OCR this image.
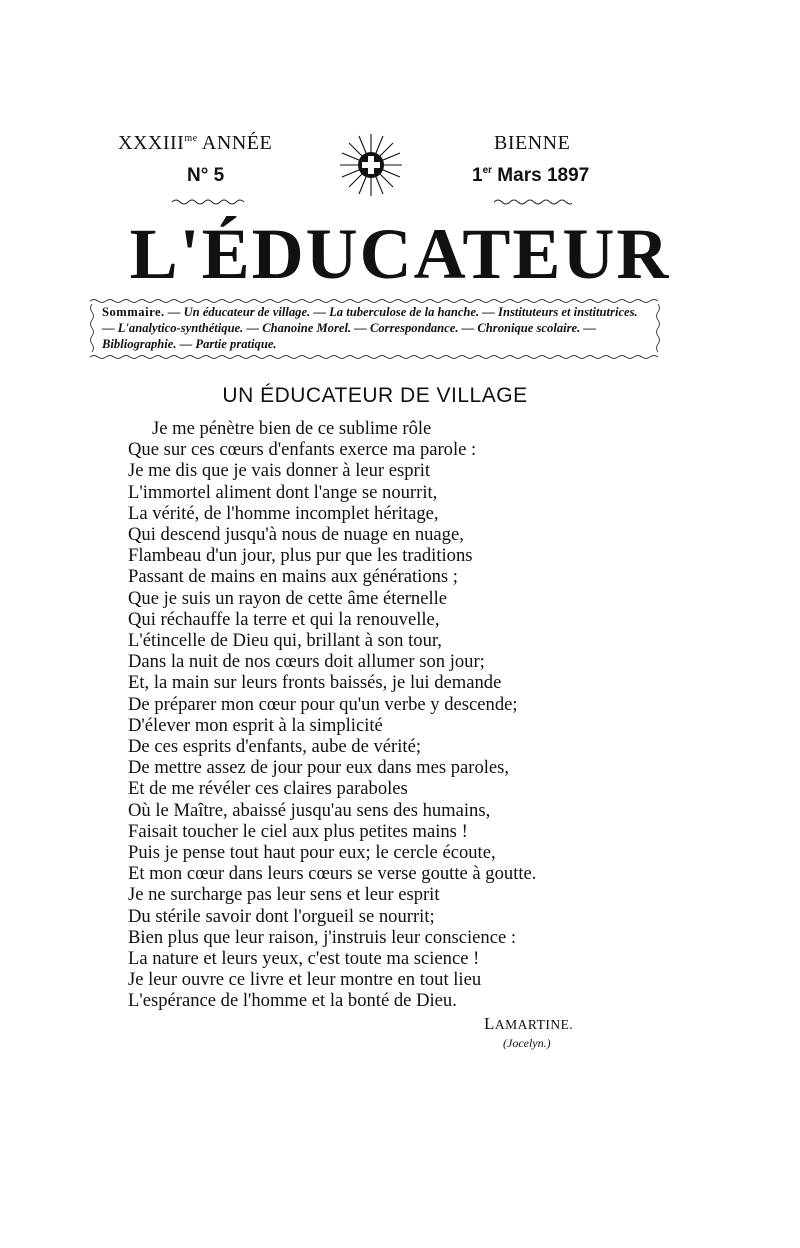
$XXXIII^{me}$ ANNÉE
N° 5
BIENNE
1er Mars 1897
L'ÉDUCATEUR
Sommaire. — Un éducateur de village. — La tuberculose de la hanche. — Instituteurs et institutrices. — L'analytico-synthétique. — Chanoine Morel. — Correspondance. — Chronique scolaire. — Bibliographie. — Partie pratique.
UN ÉDUCATEUR DE VILLAGE
Je me pénètre bien de ce sublime rôle
Que sur ces cœurs d'enfants exerce ma parole :
Je me dis que je vais donner à leur esprit
L'immortel aliment dont l'ange se nourrit,
La vérité, de l'homme incomplet héritage,
Qui descend jusqu'à nous de nuage en nuage,
Flambeau d'un jour, plus pur que les traditions
Passant de mains en mains aux générations ;
Que je suis un rayon de cette âme éternelle
Qui réchauffe la terre et qui la renouvelle,
L'étincelle de Dieu qui, brillant à son tour,
Dans la nuit de nos cœurs doit allumer son jour;
Et, la main sur leurs fronts baissés, je lui demande
De préparer mon cœur pour qu'un verbe y descende;
D'élever mon esprit à la simplicité
De ces esprits d'enfants, aube de vérité;
De mettre assez de jour pour eux dans mes paroles,
Et de me révéler ces claires paraboles
Où le Maître, abaissé jusqu'au sens des humains,
Faisait toucher le ciel aux plus petites mains !
Puis je pense tout haut pour eux; le cercle écoute,
Et mon cœur dans leurs cœurs se verse goutte à goutte.
Je ne surcharge pas leur sens et leur esprit
Du stérile savoir dont l'orgueil se nourrit;
Bien plus que leur raison, j'instruis leur conscience :
La nature et leurs yeux, c'est toute ma science !
Je leur ouvre ce livre et leur montre en tout lieu
L'espérance de l'homme et la bonté de Dieu.
LAMARTINE.
(Jocelyn.)
